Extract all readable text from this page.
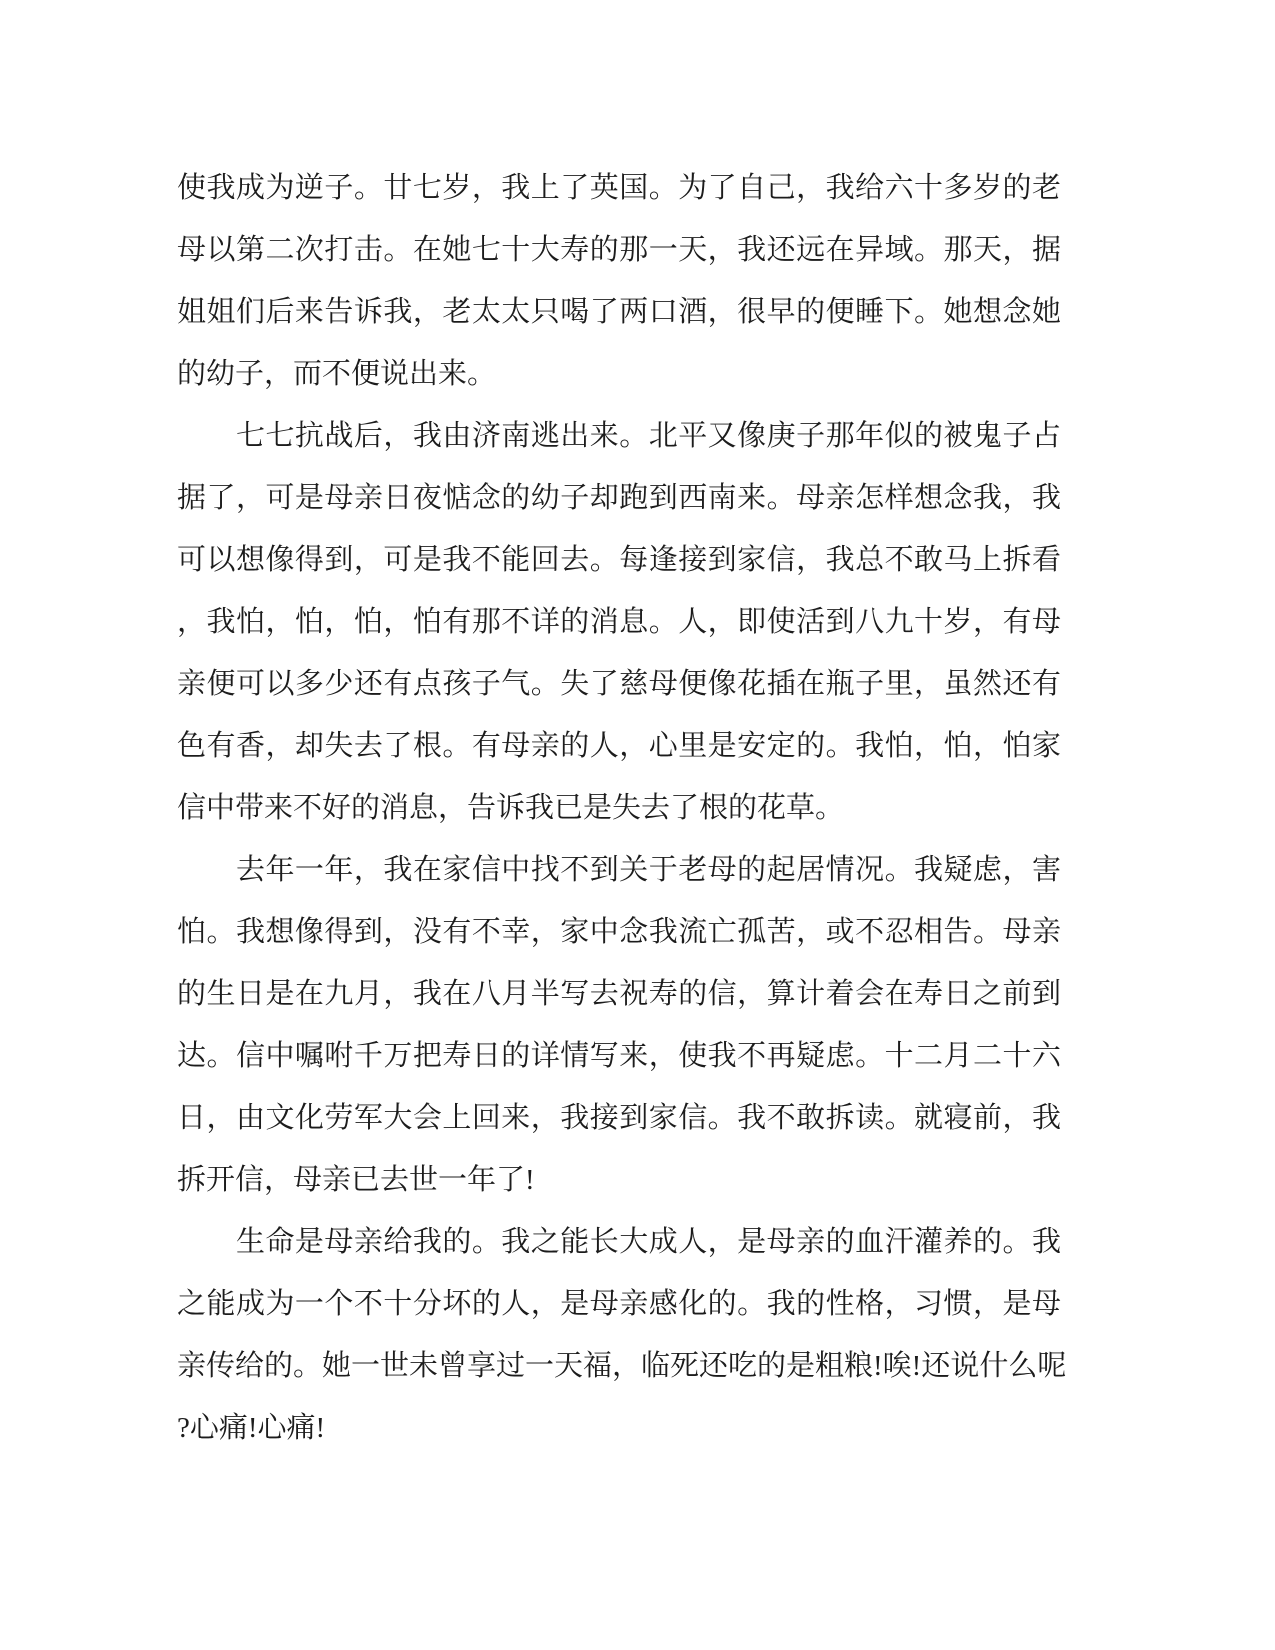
使我成为逆子。廿七岁，我上了英国。为了自己，我给六十多岁的老
母以第二次打击。在她七十大寿的那一天，我还远在异域。那天，据
姐姐们后来告诉我，老太太只喝了两口酒，很早的便睡下。她想念她
的幼子，而不便说出来。
　　七七抗战后，我由济南逃出来。北平又像庚子那年似的被鬼子占
据了，可是母亲日夜惦念的幼子却跑到西南来。母亲怎样想念我，我
可以想像得到，可是我不能回去。每逢接到家信，我总不敢马上拆看
，我怕，怕，怕，怕有那不详的消息。人，即使活到八九十岁，有母
亲便可以多少还有点孩子气。失了慈母便像花插在瓶子里，虽然还有
色有香，却失去了根。有母亲的人，心里是安定的。我怕，怕，怕家
信中带来不好的消息，告诉我已是失去了根的花草。
　　去年一年，我在家信中找不到关于老母的起居情况。我疑虑，害
怕。我想像得到，没有不幸，家中念我流亡孤苦，或不忍相告。母亲
的生日是在九月，我在八月半写去祝寿的信，算计着会在寿日之前到
达。信中嘱咐千万把寿日的详情写来，使我不再疑虑。十二月二十六
日，由文化劳军大会上回来，我接到家信。我不敢拆读。就寝前，我
拆开信，母亲已去世一年了!
　　生命是母亲给我的。我之能长大成人，是母亲的血汗灌养的。我
之能成为一个不十分坏的人，是母亲感化的。我的性格，习惯，是母
亲传给的。她一世未曾享过一天福，临死还吃的是粗粮!唉!还说什么呢
?心痛!心痛!
